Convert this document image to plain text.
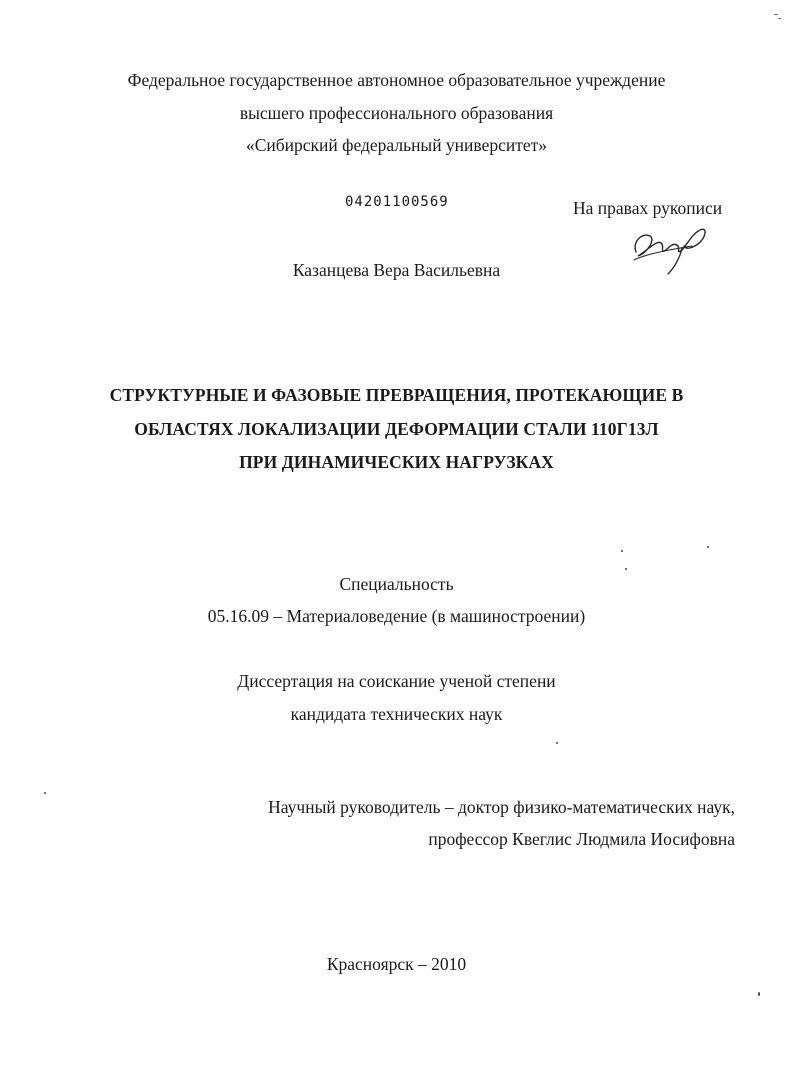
Федеральное государственное автономное образовательное учреждение
высшего профессионального образования
«Сибирский федеральный университет»
04201100569	На правах рукописи
Казанцева Вера Васильевна
СТРУКТУРНЫЕ И ФАЗОВЫЕ ПРЕВРАЩЕНИЯ, ПРОТЕКАЮЩИЕ В
ОБЛАСТЯХ ЛОКАЛИЗАЦИИ ДЕФОРМАЦИИ СТАЛИ 110Г13Л
ПРИ ДИНАМИЧЕСКИХ НАГРУЗКАХ
Специальность
05.16.09 – Материаловедение (в машиностроении)
Диссертация на соискание ученой степени
кандидата технических наук
Научный руководитель – доктор физико-математических наук,
профессор Квеглис Людмила Иосифовна
Красноярск – 2010
